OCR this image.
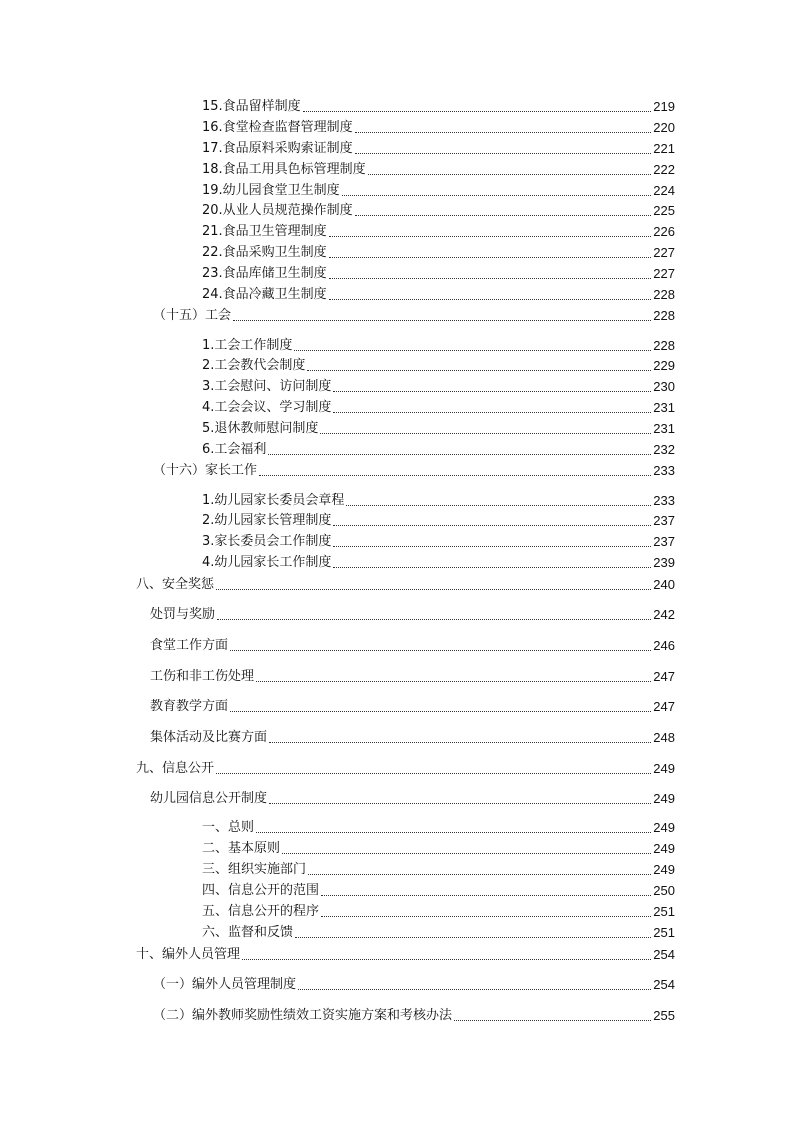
15.食品留样制度	219
16.食堂检查监督管理制度	220
17.食品原料采购索证制度	221
18.食品工用具色标管理制度	222
19.幼儿园食堂卫生制度	224
20.从业人员规范操作制度	225
21.食品卫生管理制度	226
22.食品采购卫生制度	227
23.食品库储卫生制度	227
24.食品冷藏卫生制度	228
（十五）工会	228
1.工会工作制度	228
2.工会教代会制度	229
3.工会慰问、访问制度	230
4.工会会议、学习制度	231
5.退休教师慰问制度	231
6.工会福利	232
（十六）家长工作	233
1.幼儿园家长委员会章程	233
2.幼儿园家长管理制度	237
3.家长委员会工作制度	237
4.幼儿园家长工作制度	239
八、安全奖惩	240
处罚与奖励	242
食堂工作方面	246
工伤和非工伤处理	247
教育教学方面	247
集体活动及比赛方面	248
九、信息公开	249
幼儿园信息公开制度	249
一、总则	249
二、基本原则	249
三、组织实施部门	249
四、信息公开的范围	250
五、信息公开的程序	251
六、监督和反馈	251
十、编外人员管理	254
（一）编外人员管理制度	254
（二）编外教师奖励性绩效工资实施方案和考核办法	255
